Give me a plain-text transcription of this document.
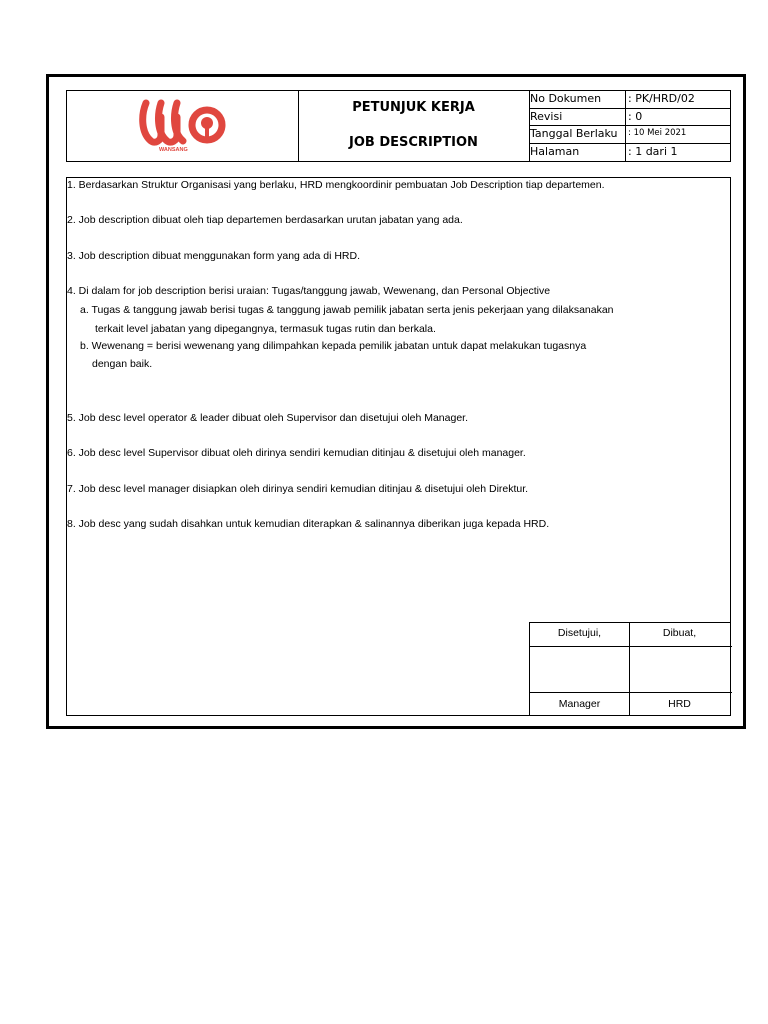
WANSANG
PETUNJUK KERJA
JOB DESCRIPTION
No Dokumen	: PK/HRD/02
Revisi	: 0
Tanggal Berlaku	: 10 Mei 2021
Halaman	: 1 dari 1
1. Berdasarkan Struktur Organisasi yang berlaku, HRD mengkoordinir pembuatan Job Description tiap departemen.
2. Job description dibuat oleh tiap departemen berdasarkan urutan jabatan yang ada.
3. Job description dibuat menggunakan form yang ada di HRD.
4. Di dalam for job description berisi uraian: Tugas/tanggung jawab, Wewenang, dan Personal Objective
a. Tugas & tanggung jawab berisi tugas & tanggung jawab pemilik jabatan serta jenis pekerjaan yang dilaksanakan
terkait level jabatan yang dipegangnya, termasuk tugas rutin dan berkala.
b. Wewenang = berisi wewenang yang dilimpahkan kepada pemilik jabatan untuk dapat melakukan tugasnya
dengan baik.
5. Job desc level operator & leader dibuat oleh Supervisor dan disetujui oleh Manager.
6. Job desc level Supervisor dibuat oleh dirinya sendiri kemudian ditinjau & disetujui oleh manager.
7. Job desc level manager disiapkan oleh dirinya sendiri kemudian ditinjau & disetujui oleh Direktur.
8. Job desc yang sudah disahkan untuk kemudian diterapkan & salinannya diberikan juga kepada HRD.
Disetujui,	Dibuat,
Manager	HRD
